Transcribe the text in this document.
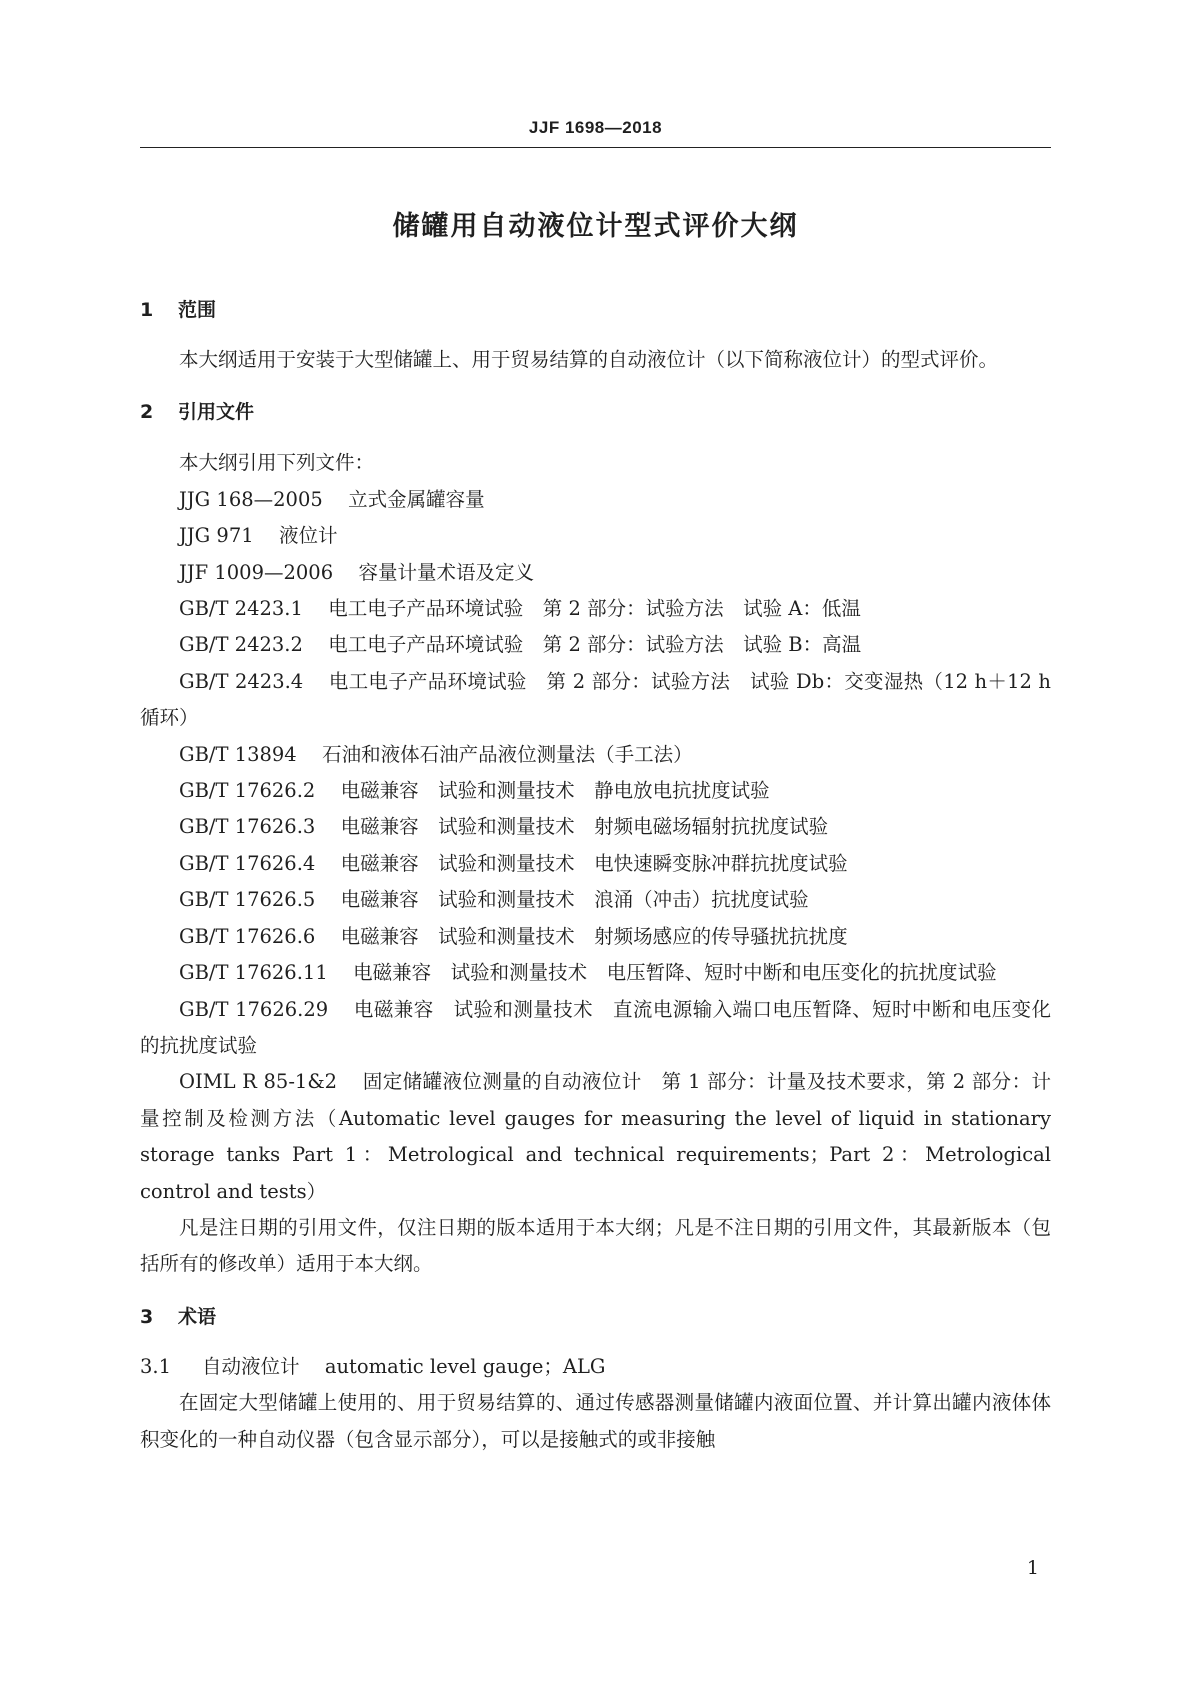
JJF 1698—2018
储罐用自动液位计型式评价大纲
1 范围

本大纲适用于安装于大型储罐上、用于贸易结算的自动液位计（以下简称液位计）的型式评价。

2 引用文件

本大纲引用下列文件：

JJG 168—2005 立式金属罐容量
JJG 971 液位计
JJF 1009—2006 容量计量术语及定义
GB/T 2423.1 电工电子产品环境试验　第 2 部分：试验方法　试验 A：低温
GB/T 2423.2 电工电子产品环境试验　第 2 部分：试验方法　试验 B：高温

GB/T 2423.4 电工电子产品环境试验　第 2 部分：试验方法　试验 Db：交变湿热（12 h＋12 h 循环）

GB/T 13894 石油和液体石油产品液位测量法（手工法）
GB/T 17626.2 电磁兼容　试验和测量技术　静电放电抗扰度试验
GB/T 17626.3 电磁兼容　试验和测量技术　射频电磁场辐射抗扰度试验
GB/T 17626.4 电磁兼容　试验和测量技术　电快速瞬变脉冲群抗扰度试验
GB/T 17626.5 电磁兼容　试验和测量技术　浪涌（冲击）抗扰度试验
GB/T 17626.6 电磁兼容　试验和测量技术　射频场感应的传导骚扰抗扰度

GB/T 17626.11 电磁兼容　试验和测量技术　电压暂降、短时中断和电压变化的抗扰度试验

GB/T 17626.29 电磁兼容　试验和测量技术　直流电源输入端口电压暂降、短时中断和电压变化的抗扰度试验

OIML R 85-1&2 固定储罐液位测量的自动液位计　第 1 部分：计量及技术要求，第 2 部分：计量控制及检测方法（Automatic level gauges for measuring the level of liquid in stationary storage tanks Part 1：Metrological and technical requirements；Part 2：Metrological control and tests）

凡是注日期的引用文件，仅注日期的版本适用于本大纲；凡是不注日期的引用文件，其最新版本（包括所有的修改单）适用于本大纲。

3 术语

3.1 自动液位计 automatic level gauge；ALG

在固定大型储罐上使用的、用于贸易结算的、通过传感器测量储罐内液面位置、并计算出罐内液体体积变化的一种自动仪器（包含显示部分），可以是接触式的或非接触

1
